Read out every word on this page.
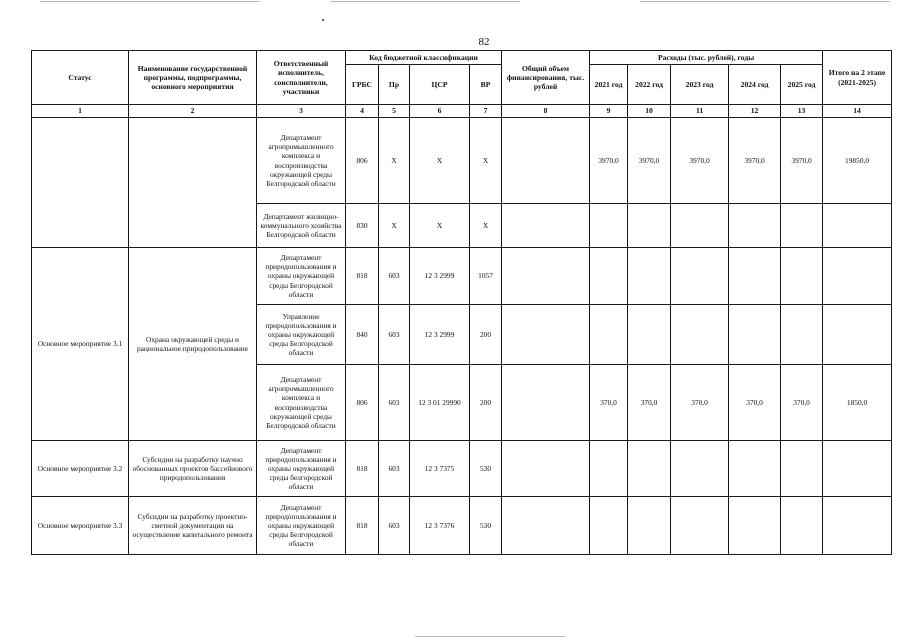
82
Статус	Наименование государственной программы, подпрограммы, основного мероприятия	Ответственный исполнитель, соисполнители, участники	Код бюджетной классификации				Общий объем финансирования, тыс. рублей	Расходы (тыс. рублей), годы					Итого на 2 этапе (2021-2025)
			ГРБС	Пр	ЦСР	ВР		2021 год	2022 год	2023 год	2024 год	2025 год	
1	2	3	4	5	6	7	8	9	10	11	12	13	14
		Департамент агропромышленного комплекса и воспроизводства окружающей среды Белгородской области	806	Х	Х	Х		3970,0	3970,0	3970,0	3970,0	3970,0	19850,0
		Департамент жилищно-коммунального хозяйства Белгородской области	830	Х	Х	Х							
Основное мероприятие 3.1	Охрана окружающей среды и рациональное природопользование	Департамент природопользования и охраны окружающей среды Белгородской области	818	603	12 3 2999	1057							
		Управление природопользования и охраны окружающей среды Белгородской области	840	603	12 3 2999	200							
		Департамент агропромышленного комплекса и воспроизводства окружающей среды Белгородской области	806	603	12 3 01 29990	200		370,0	370,0	370,0	370,0	370,0	1850,0
Основное мероприятие 3.2	Субсидии на разработку научно обоснованных проектов бассейнового природопользования	Департамент природопользования и охраны окружающей среды белгородской области	818	603	12 3 7375	530							
Основное мероприятие 3.3	Субсидии на разработку проектно-сметной документации на осуществление капитального ремонта	Департамент природопользования и охраны окружающей среды Белгородской области	818	603	12 3 7376	530							
